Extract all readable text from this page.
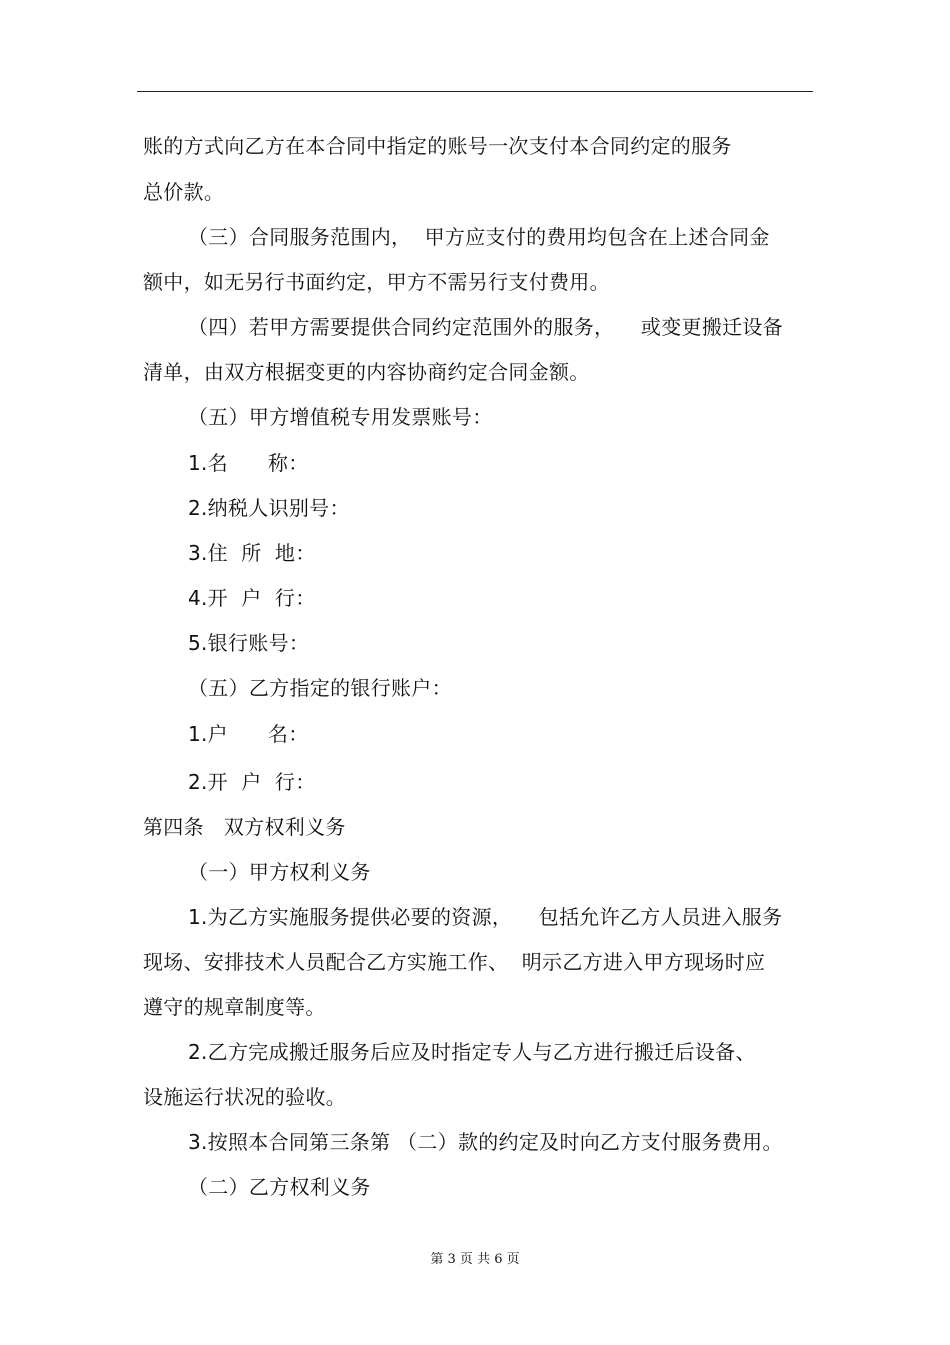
账的方式向乙方在本合同中指定的账号一次支付本合同约定的服务
总价款。
（三）合同服务范围内，  甲方应支付的费用均包含在上述合同金
额中，如无另行书面约定，甲方不需另行支付费用。
（四）若甲方需要提供合同约定范围外的服务，    或变更搬迁设备
清单，由双方根据变更的内容协商约定合同金额。
（五）甲方增值税专用发票账号：
1.名      称：
2.纳税人识别号：
3.住  所  地：
4.开  户  行：
5.银行账号：
（五）乙方指定的银行账户：
1.户      名：
2.开  户  行：
第四条   双方权利义务
（一）甲方权利义务
1.为乙方实施服务提供必要的资源，    包括允许乙方人员进入服务
现场、安排技术人员配合乙方实施工作、  明示乙方进入甲方现场时应
遵守的规章制度等。
2.乙方完成搬迁服务后应及时指定专人与乙方进行搬迁后设备、
设施运行状况的验收。
3.按照本合同第三条第 （二）款的约定及时向乙方支付服务费用。
（二）乙方权利义务
第 3 页 共 6 页
